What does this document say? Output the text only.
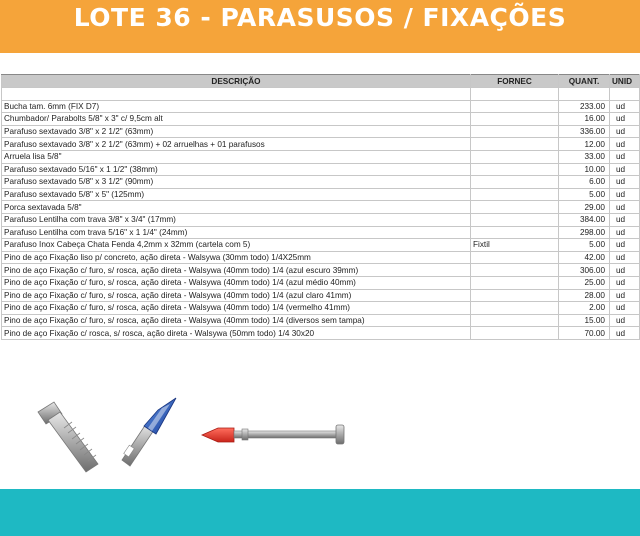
LOTE 36 - PARASUSOS / FIXAÇÕES
DESCRIÇÃO	FORNEC	QUANT.	UNID

Bucha tam. 6mm (FIX D7)		233.00	ud
Chumbador/ Parabolts 5/8" x 3" c/ 9,5cm alt		16.00	ud
Parafuso sextavado 3/8" x 2 1/2" (63mm)		336.00	ud
Parafuso sextavado 3/8" x 2 1/2" (63mm) + 02 arruelhas + 01 parafusos		12.00	ud
Arruela lisa 5/8"		33.00	ud
Parafuso sextavado 5/16" x 1 1/2" (38mm)		10.00	ud
Parafuso sextavado 5/8" x 3 1/2" (90mm)		6.00	ud
Parafuso sextavado 5/8" x 5" (125mm)		5.00	ud
Porca sextavada 5/8"		29.00	ud
Parafuso Lentilha com trava 3/8" x 3/4" (17mm)		384.00	ud
Parafuso Lentilha com trava 5/16" x 1 1/4" (24mm)		298.00	ud
Parafuso Inox Cabeça Chata Fenda 4,2mm x 32mm (cartela com 5)	Fixtil	5.00	ud
Pino de aço Fixação liso p/ concreto, ação direta - Walsywa (30mm todo) 1/4X25mm		42.00	ud
Pino de aço Fixação c/ furo, s/ rosca, ação direta - Walsywa (40mm todo) 1/4 (azul escuro 39mm)		306.00	ud
Pino de aço Fixação c/ furo, s/ rosca, ação direta - Walsywa (40mm todo) 1/4 (azul médio 40mm)		25.00	ud
Pino de aço Fixação c/ furo, s/ rosca, ação direta - Walsywa (40mm todo) 1/4 (azul claro 41mm)		28.00	ud
Pino de aço Fixação c/ furo, s/ rosca, ação direta - Walsywa (40mm todo) 1/4 (vermelho 41mm)		2.00	ud
Pino de aço Fixação c/ furo, s/ rosca, ação direta - Walsywa (40mm todo) 1/4 (diversos sem tampa)		15.00	ud
Pino de aço Fixação c/ rosca, s/ rosca, ação direta - Walsywa (50mm todo) 1/4 30x20		70.00	ud
